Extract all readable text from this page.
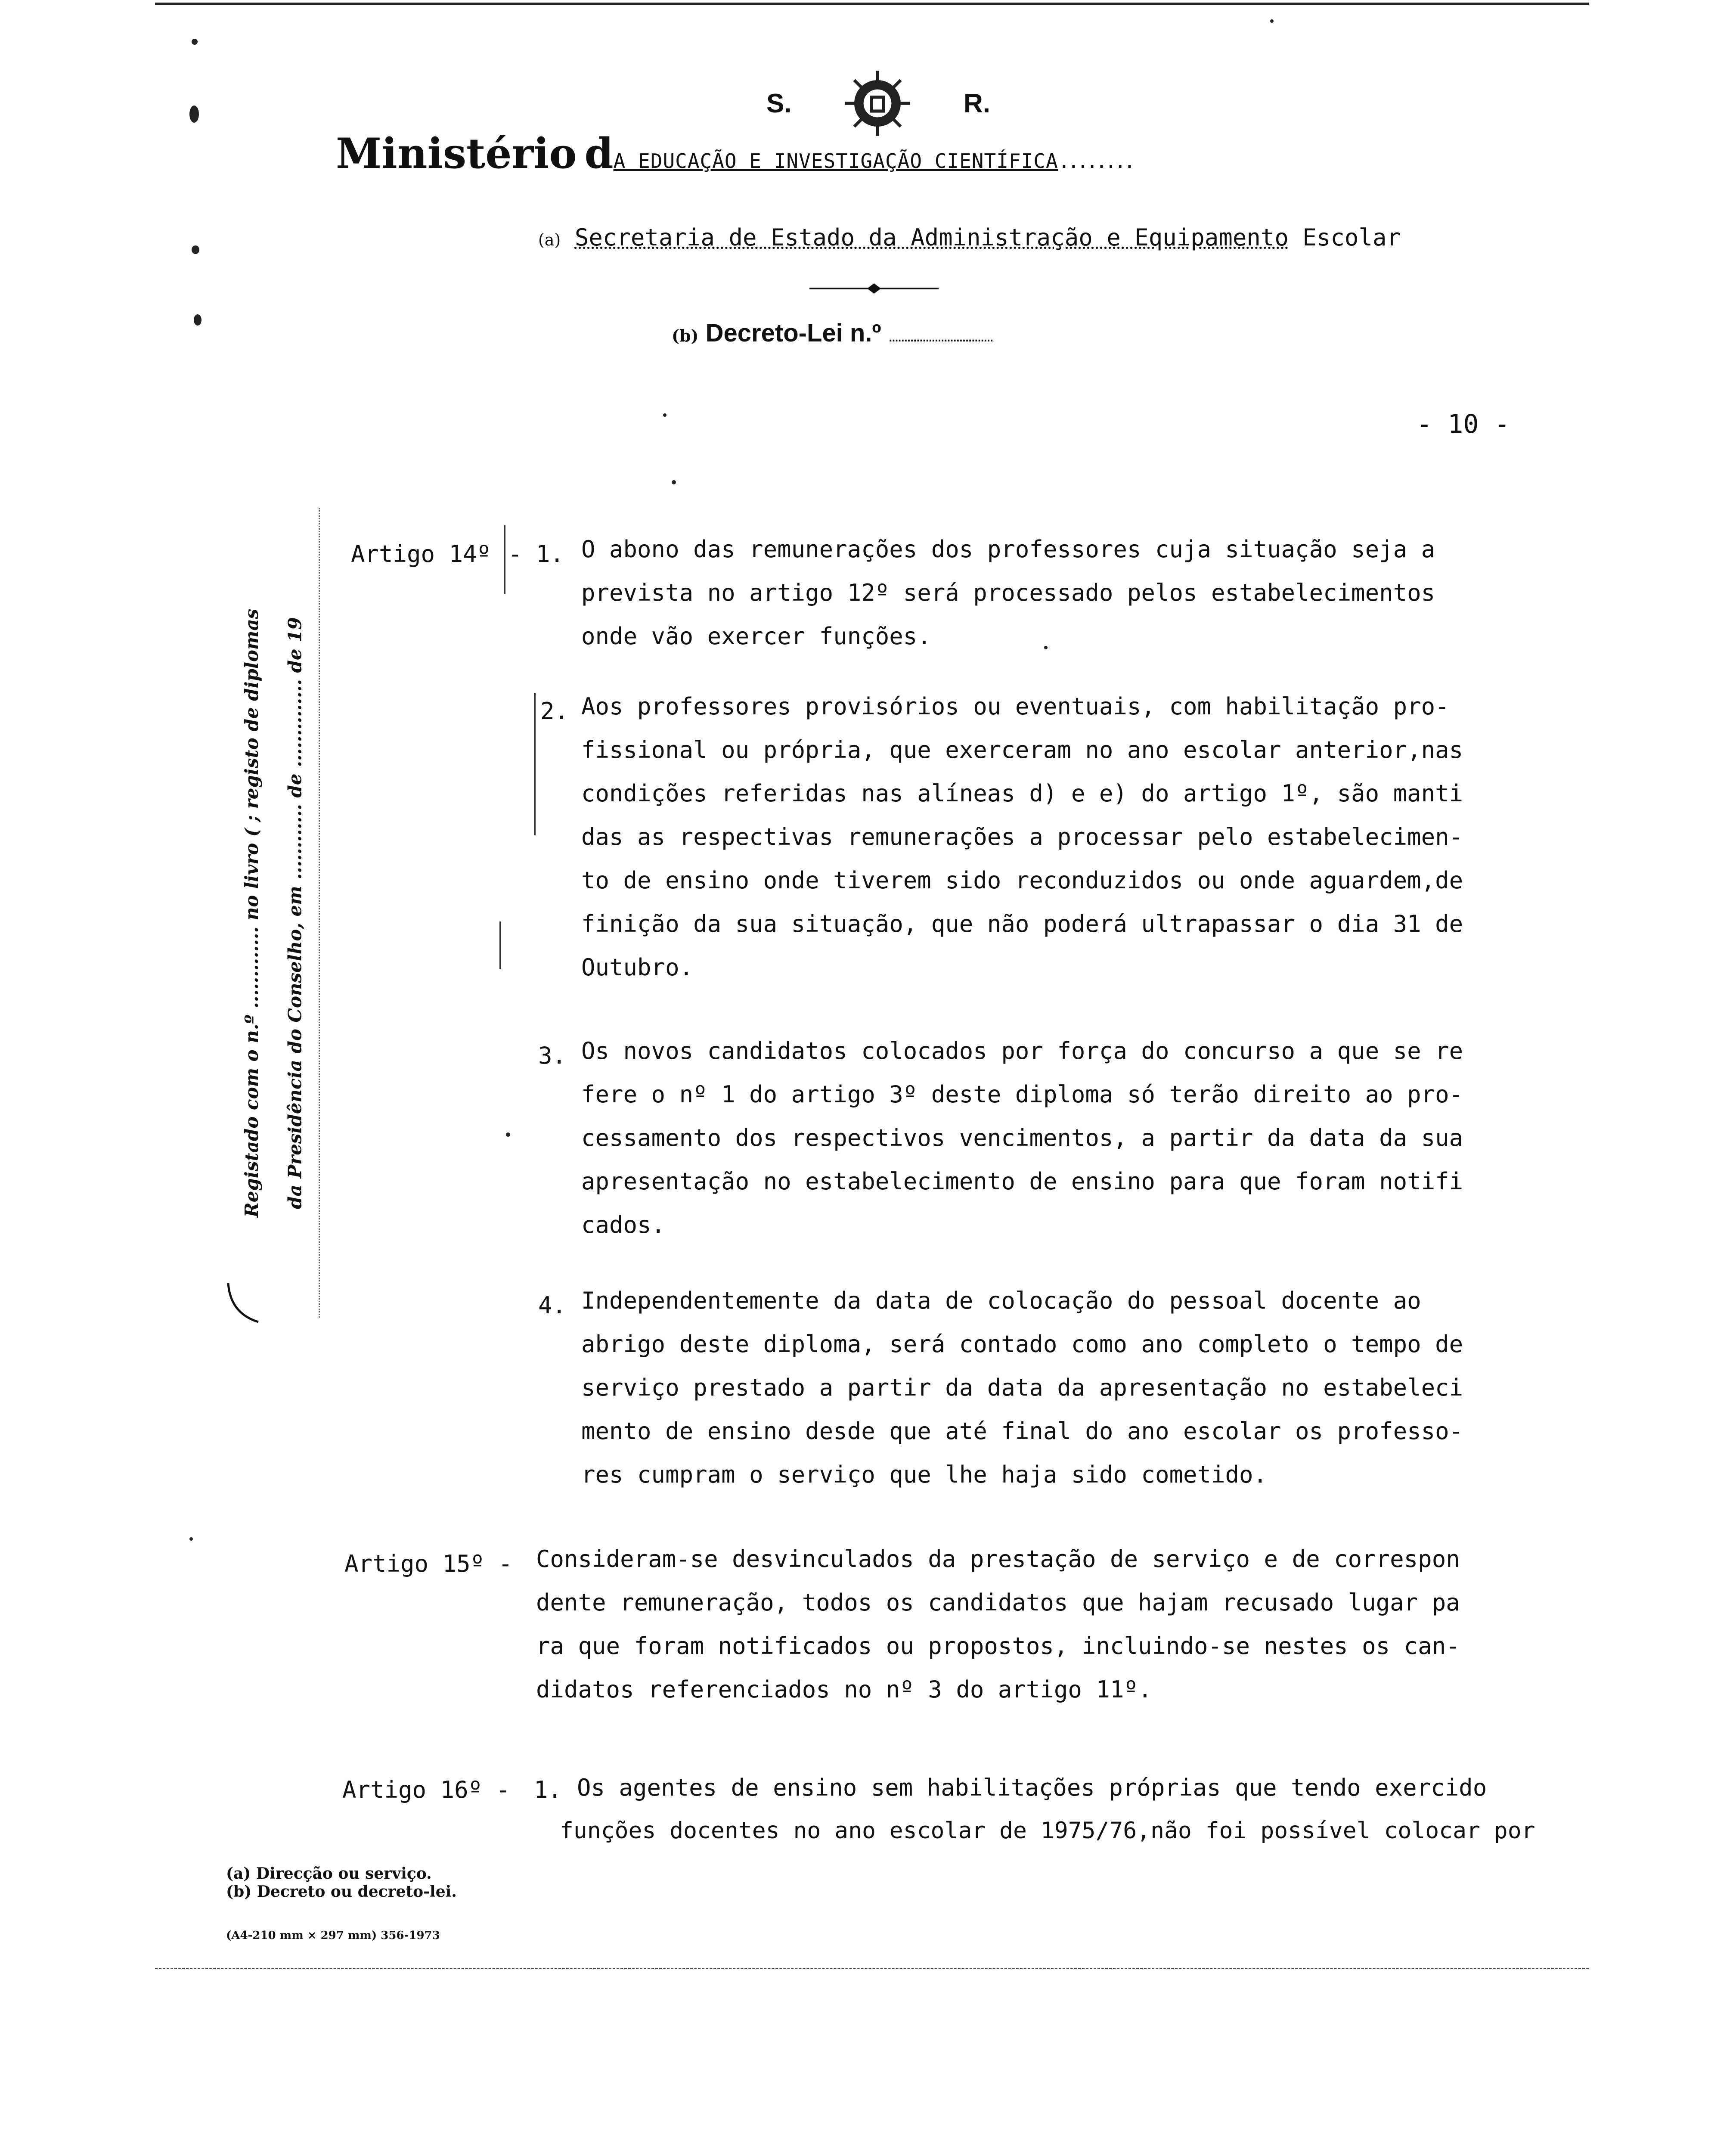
S.	R.
Ministério dA EDUCAÇÃO E INVESTIGAÇÃO CIENTÍFICA........
(a) Secretaria de Estado da Administração e Equipamento Escolar
(b) Decreto-Lei n.º ..................................
- 10 -
Registado com o n.º ............. no livro ( ; registo de diplomas da Presidência do Conselho, em ............ de .............. de 19
Artigo 14º - 1. O abono das remunerações dos professores cuja situação seja a
prevista no artigo 12º será processado pelos estabelecimentos
onde vão exercer funções.
2. Aos professores provisórios ou eventuais, com habilitação pro-
fissional ou própria, que exerceram no ano escolar anterior,nas
condições referidas nas alíneas d) e e) do artigo 1º, são manti
das as respectivas remunerações a processar pelo estabelecimen-
to de ensino onde tiverem sido reconduzidos ou onde aguardem,de
finição da sua situação, que não poderá ultrapassar o dia 31 de
Outubro.
3. Os novos candidatos colocados por força do concurso a que se re
fere o nº 1 do artigo 3º deste diploma só terão direito ao pro-
cessamento dos respectivos vencimentos, a partir da data da sua
apresentação no estabelecimento de ensino para que foram notifi
cados.
4. Independentemente da data de colocação do pessoal docente ao
abrigo deste diploma, será contado como ano completo o tempo de
serviço prestado a partir da data da apresentação no estabeleci
mento de ensino desde que até final do ano escolar os professo-
res cumpram o serviço que lhe haja sido cometido.
Artigo 15º - Consideram-se desvinculados da prestação de serviço e de correspon
dente remuneração, todos os candidatos que hajam recusado lugar pa
ra que foram notificados ou propostos, incluindo-se nestes os can-
didatos referenciados no nº 3 do artigo 11º.
Artigo 16º - 1. Os agentes de ensino sem habilitações próprias que tendo exercido
funções docentes no ano escolar de 1975/76,não foi possível colocar por
(a) Direcção ou serviço.
(b) Decreto ou decreto-lei.
(A4-210 mm × 297 mm) 356-1973
